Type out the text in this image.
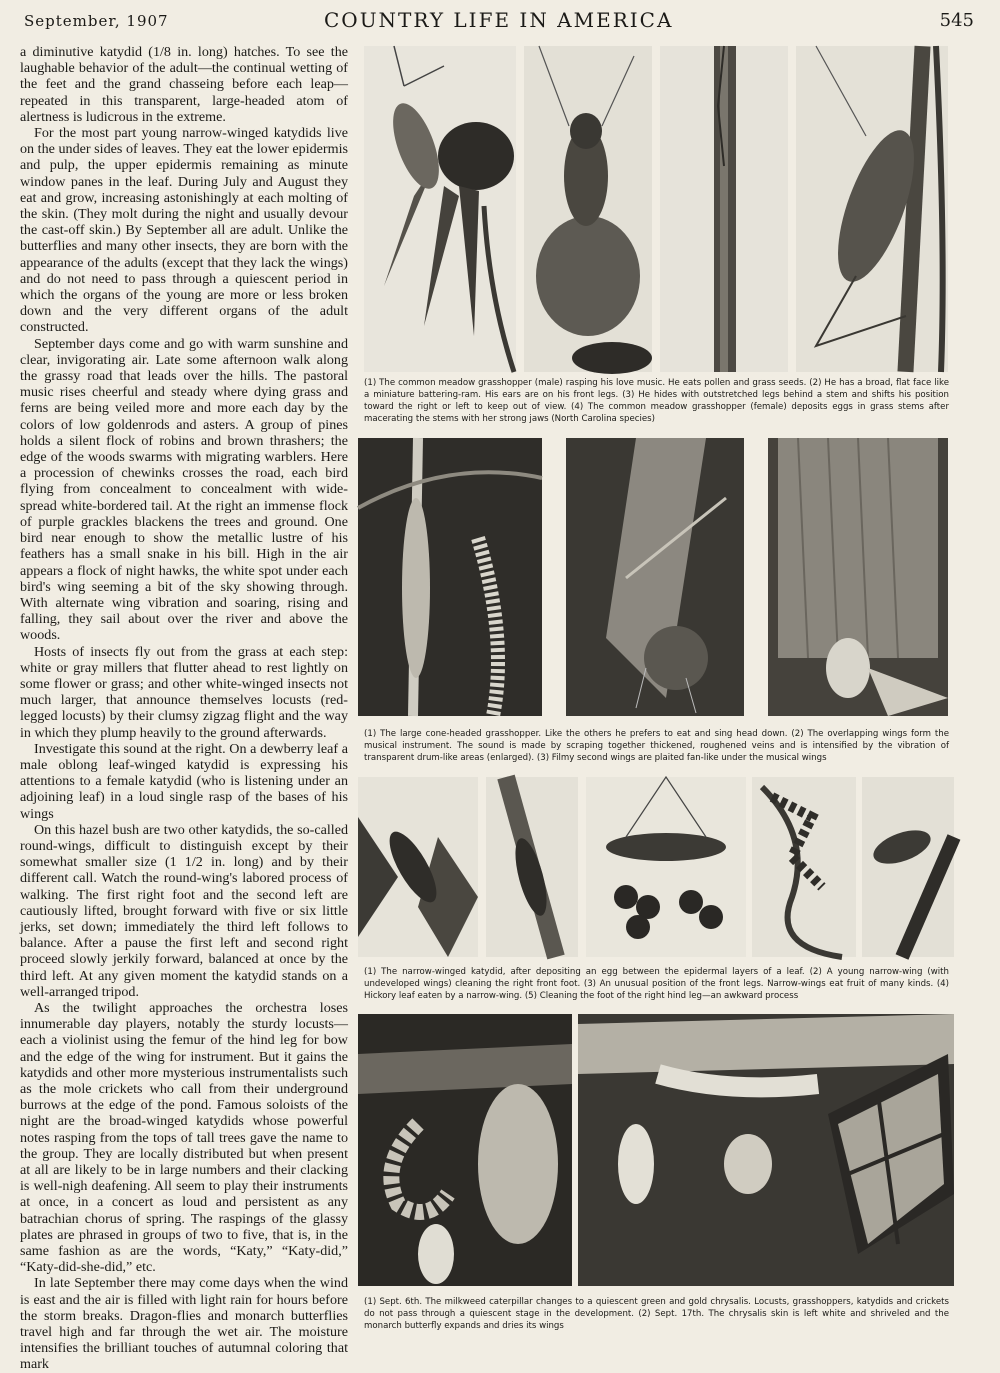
September, 1907	COUNTRY LIFE IN AMERICA	545

a diminutive katydid (1/8 in. long) hatches. To see the laughable behavior of the adult—the continual wetting of the feet and the grand chasseing before each leap—repeated in this transparent, large-headed atom of alertness is ludicrous in the extreme.

For the most part young narrow-winged katydids live on the under sides of leaves. They eat the lower epidermis and pulp, the upper epidermis remaining as minute window panes in the leaf. During July and August they eat and grow, increasing astonishingly at each molting of the skin. (They molt during the night and usually devour the cast-off skin.) By September all are adult. Unlike the butterflies and many other insects, they are born with the appearance of the adults (except that they lack the wings) and do not need to pass through a quiescent period in which the organs of the young are more or less broken down and the very different organs of the adult constructed.

September days come and go with warm sunshine and clear, invigorating air. Late some afternoon walk along the grassy road that leads over the hills. The pastoral music rises cheerful and steady where dying grass and ferns are being veiled more and more each day by the colors of low goldenrods and asters. A group of pines holds a silent flock of robins and brown thrashers; the edge of the woods swarms with migrating warblers. Here a procession of chewinks crosses the road, each bird flying from concealment to concealment with wide-spread white-bordered tail. At the right an immense flock of purple grackles blackens the trees and ground. One bird near enough to show the metallic lustre of his feathers has a small snake in his bill. High in the air appears a flock of night hawks, the white spot under each bird's wing seeming a bit of the sky showing through. With alternate wing vibration and soaring, rising and falling, they sail about over the river and above the woods.

Hosts of insects fly out from the grass at each step: white or gray millers that flutter ahead to rest lightly on some flower or grass; and other white-winged insects not much larger, that announce themselves locusts (red-legged locusts) by their clumsy zigzag flight and the way in which they plump heavily to the ground afterwards.

Investigate this sound at the right. On a dewberry leaf a male oblong leaf-winged katydid is expressing his attentions to a female katydid (who is listening under an adjoining leaf) in a loud single rasp of the bases of his wings

On this hazel bush are two other katydids, the so-called round-wings, difficult to distinguish except by their somewhat smaller size (1 1/2 in. long) and by their different call. Watch the round-wing's labored process of walking. The first right foot and the second left are cautiously lifted, brought forward with five or six little jerks, set down; immediately the third left follows to balance. After a pause the first left and second right proceed slowly jerkily forward, balanced at once by the third left. At any given moment the katydid stands on a well-arranged tripod.

As the twilight approaches the orchestra loses innumerable day players, notably the sturdy locusts—each a violinist using the femur of the hind leg for bow and the edge of the wing for instrument. But it gains the katydids and other more mysterious instrumentalists such as the mole crickets who call from their underground burrows at the edge of the pond. Famous soloists of the night are the broad-winged katydids whose powerful notes rasping from the tops of tall trees gave the name to the group. They are locally distributed but when present at all are likely to be in large numbers and their clacking is well-nigh deafening. All seem to play their instruments at once, in a concert as loud and persistent as any batrachian chorus of spring. The raspings of the glassy plates are phrased in groups of two to five, that is, in the same fashion as are the words, “Katy,” “Katy-did,” “Katy-did-she-did,” etc.

In late September there may come days when the wind is east and the air is filled with light rain for hours before the storm breaks. Dragon-flies and monarch butterflies travel high and far through the wet air. The moisture intensifies the brilliant touches of autumnal coloring that mark

(1) The common meadow grasshopper (male) rasping his love music. He eats pollen and grass seeds. (2) He has a broad, flat face like a miniature battering-ram. His ears are on his front legs. (3) He hides with outstretched legs behind a stem and shifts his position toward the right or left to keep out of view. (4) The common meadow grasshopper (female) deposits eggs in grass stems after macerating the stems with her strong jaws (North Carolina species)
(1) The large cone-headed grasshopper. Like the others he prefers to eat and sing head down. (2) The overlapping wings form the musical instrument. The sound is made by scraping together thickened, roughened veins and is intensified by the vibration of transparent drum-like areas (enlarged). (3) Filmy second wings are plaited fan-like under the musical wings
(1) The narrow-winged katydid, after depositing an egg between the epidermal layers of a leaf. (2) A young narrow-wing (with undeveloped wings) cleaning the right front foot. (3) An unusual position of the front legs. Narrow-wings eat fruit of many kinds. (4) Hickory leaf eaten by a narrow-wing. (5) Cleaning the foot of the right hind leg—an awkward process
(1) Sept. 6th. The milkweed caterpillar changes to a quiescent green and gold chrysalis. Locusts, grasshoppers, katydids and crickets do not pass through a quiescent stage in the development. (2) Sept. 17th. The chrysalis skin is left white and shriveled and the monarch butterfly expands and dries its wings
